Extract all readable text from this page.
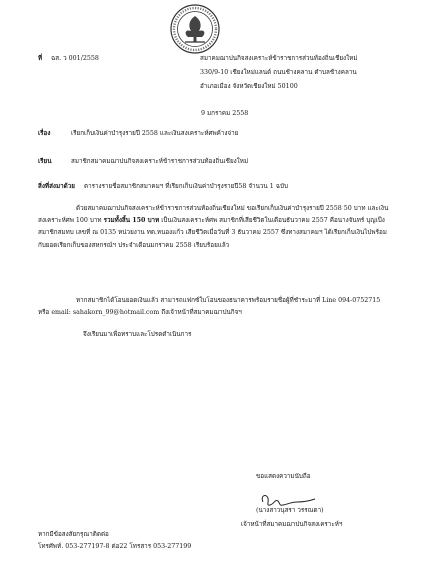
ที่ ฉส. ว 001/2558	สมาคมฌาปนกิจสงเคราะห์ข้าราชการส่วนท้องถิ่นเชียงใหม่
330/9-10 เชียงใหม่แลนด์ ถนนช้างคลาน ตำบลช้างคลาน
อำเภอเมือง จังหวัดเชียงใหม่ 50100
9 มกราคม 2558
เรื่อง	เรียกเก็บเงินค่าบำรุงรายปี 2558 และเงินสงเคราะห์ศพค้างจ่าย
เรียน	สมาชิกสมาคมฌาปนกิจสงเคราะห์ข้าราชการส่วนท้องถิ่นเชียงใหม่
สิ่งที่ส่งมาด้วย ตารางรายชื่อสมาชิกสมาคมฯ ที่เรียกเก็บเงินค่าบำรุงรายปี58 จำนวน 1 ฉบับ
ด้วยสมาคมฌาปนกิจสงเคราะห์ข้าราชการส่วนท้องถิ่นเชียงใหม่ ขอเรียกเก็บเงินค่าบำรุงรายปี 2558 50 บาท และเงินสงเคราะห์ศพ 100 บาท รวมทั้งสิ้น 150 บาท เป็นเงินสงเคราะห์ศพ สมาชิกที่เสียชีวิตในเดือนธันวาคม 2557 คือนางจันทร์ บุญเป็ง สมาชิกสมทบ เลขที่ ณ 0135 หน่วยงาน ทต.หนองแก้ว เสียชีวิตเมื่อวันที่ 3 ธันวาคม 2557 ซึ่งทางสมาคมฯ ได้เรียกเก็บเงินไปพร้อมกับยอดเรียกเก็บของสหกรณ์ฯ ประจำเดือนมกราคม 2558 เรียบร้อยแล้ว
หากสมาชิกได้โอนยอดเงินแล้ว สามารถแฟกซ์ใบโอนของธนาคารพร้อมรายชื่อผู้ที่ชำระมาที่ Line 094-0752715 หรือ email: sahakorn_99@hotmail.com ถึงเจ้าหน้าที่สมาคมฌาปนกิจฯ
จึงเรียนมาเพื่อทราบและโปรดดำเนินการ
ขอแสดงความนับถือ
(นางสาวนุสรา วรรณดา)
เจ้าหน้าที่สมาคมฌาปนกิจสงเคราะห์ฯ
หากมีข้อสงสัยกรุณาติดต่อ
โทรศัพท์. 053-277197-8 ต่อ22 โทรสาร 053-277199
